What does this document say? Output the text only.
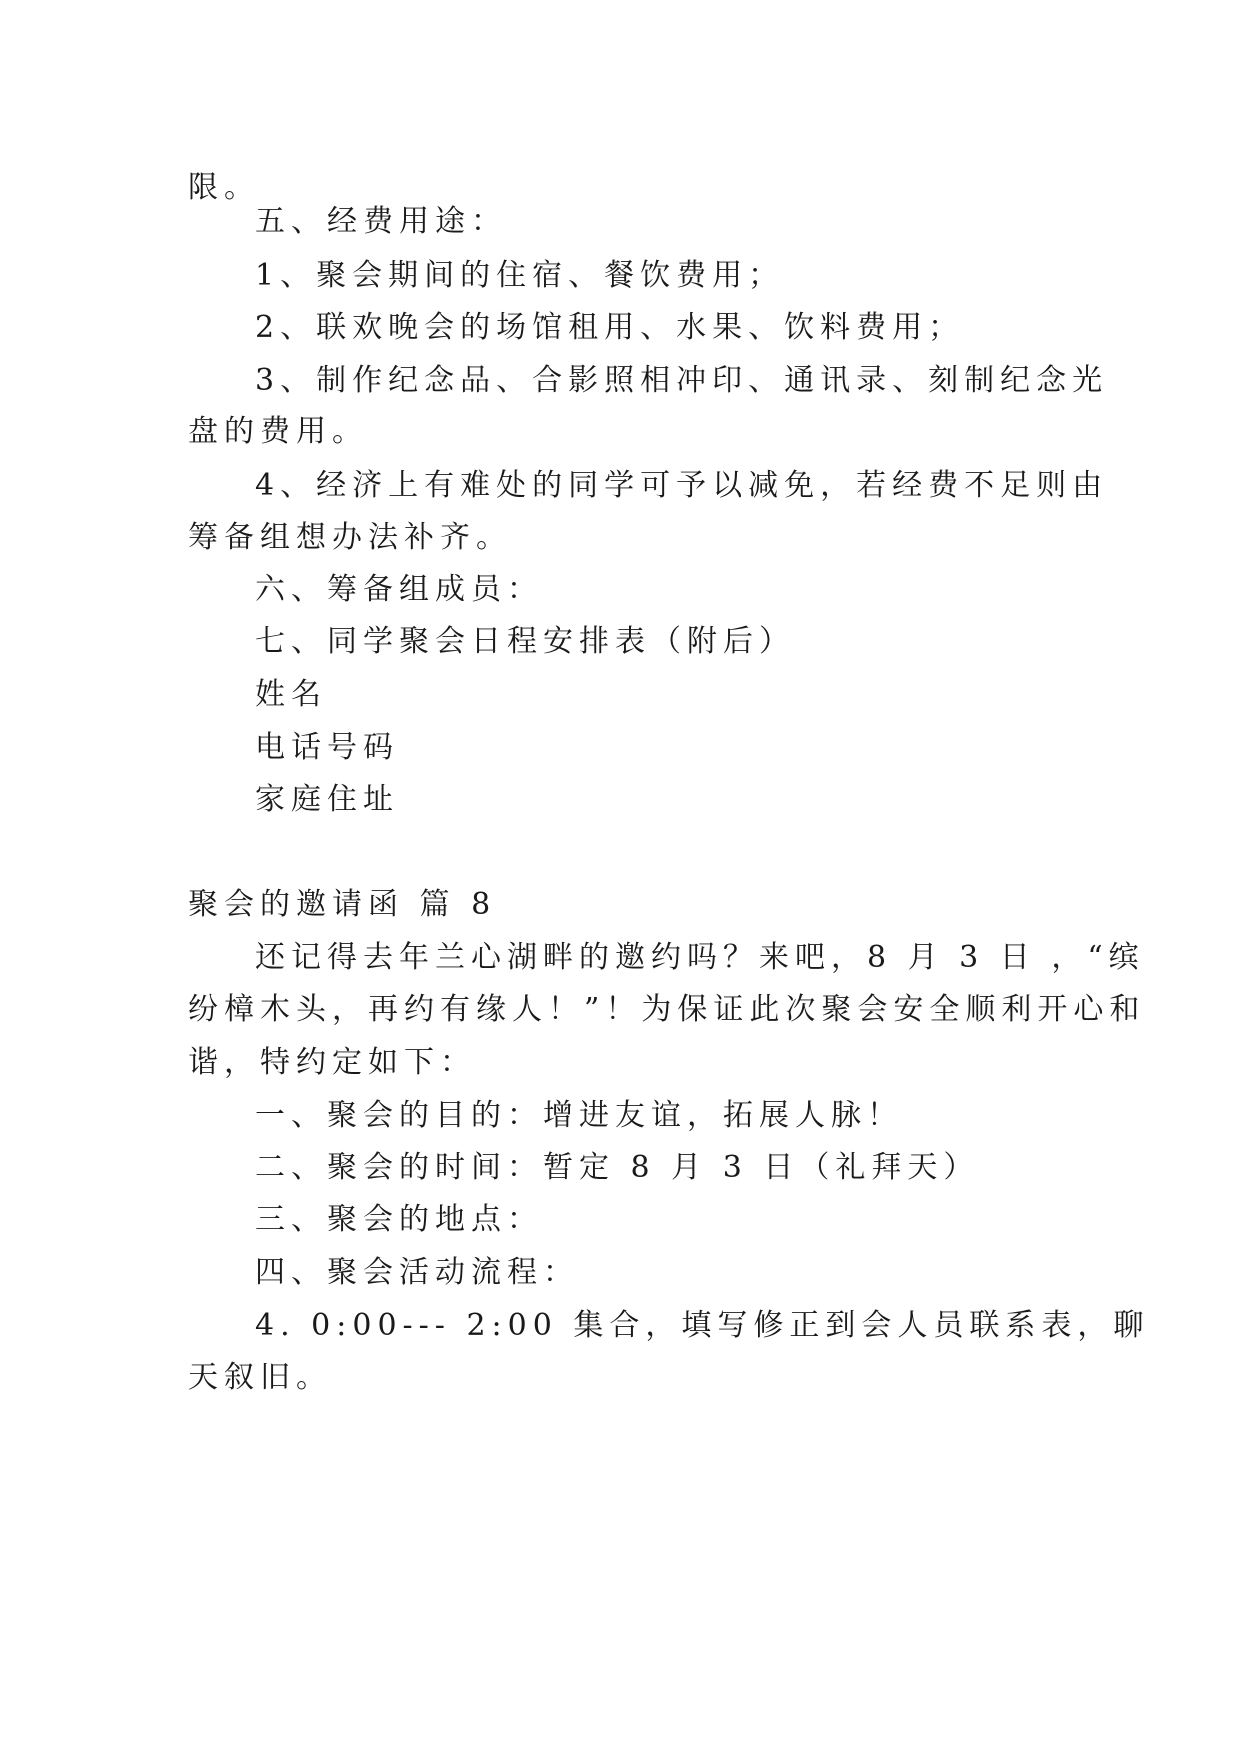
限。
五、经费用途：
1、聚会期间的住宿、餐饮费用；
2、联欢晚会的场馆租用、水果、饮料费用；
3、制作纪念品、合影照相冲印、通讯录、刻制纪念光
盘的费用。
4、经济上有难处的同学可予以减免，若经费不足则由
筹备组想办法补齐。
六、筹备组成员：
七、同学聚会日程安排表（附后）
姓名
电话号码
家庭住址
聚会的邀请函 篇 8
还记得去年兰心湖畔的邀约吗？来吧，8 月 3 日 ，“缤
纷樟木头，再约有缘人！”！为保证此次聚会安全顺利开心和
谐，特约定如下：
一、聚会的目的：增进友谊，拓展人脉！
二、聚会的时间：暂定 8 月 3 日（礼拜天）
三、聚会的地点：
四、聚会活动流程：
4. 0:00--- 2:00 集合，填写修正到会人员联系表，聊
天叙旧。
